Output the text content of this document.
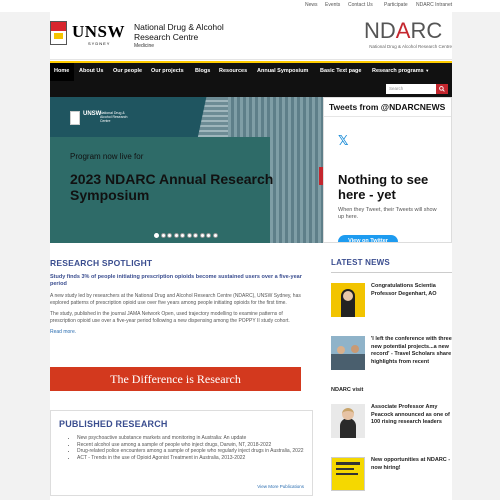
News Events Contact Us Participate NDARC Intranet
UNSW
SYDNEY
National Drug & Alcohol Research Centre
Medicine
NDARC
National Drug & Alcohol Research Centre
Home About Us Our people Our projects Blogs Resources Annual Symposium Basic Text page Research programs ▼
Search
UNSW
National Drug & Alcohol Research Centre
Program now live for
2023 NDARC Annual Research Symposium
Tweets from @NDARCNEWS
𝕏
Nothing to see here - yet
When they Tweet, their Tweets will show up here.
View on Twitter
RESEARCH SPOTLIGHT
Study finds 3% of people initiating prescription opioids become sustained users over a five-year period

A new study led by researchers at the National Drug and Alcohol Research Centre (NDARC), UNSW Sydney, has explored patterns of prescription opioid use over five years among people initiating opioids for the first time.

The study, published in the journal JAMA Network Open, used trajectory modelling to examine patterns of prescription opioid use over a five-year period following a new dispensing among the POPPY II study cohort.

Read more.
The Difference is Research
PUBLISHED RESEARCH
• New psychoactive substance markets and monitoring in Australia: An update
• Recent alcohol use among a sample of people who inject drugs, Darwin, NT, 2018-2022
• Drug-related police encounters among a sample of people who regularly inject drugs in Australia, 2022
• ACT - Trends in the use of Opioid Agonist Treatment in Australia, 2013-2022
View More Publications
LATEST NEWS
Congratulations Scientia Professor Degenhart, AO
'I left the conference with three new potential projects...a new record' - Travel Scholars share highlights from recent
NDARC visit
Associate Professor Amy Peacock announced as one of 100 rising research leaders
New opportunities at NDARC - now hiring!
